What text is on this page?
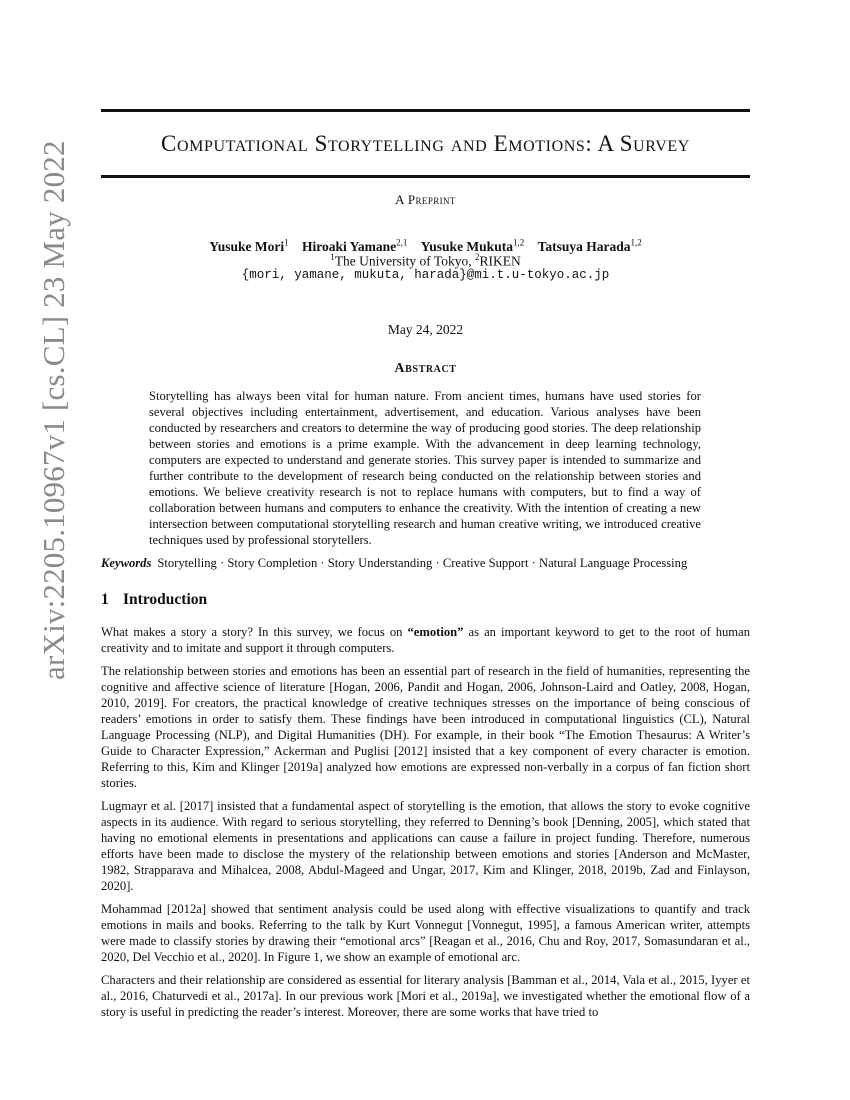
arXiv:2205.10967v1 [cs.CL] 23 May 2022	Computational Storytelling and Emotions: A Survey
A Preprint
Yusuke Mori$^1$ Hiroaki Yamane$^{2,1}$ Yusuke Mukuta$^{1,2}$ Tatsuya Harada$^{1,2}$
$^1$The University of Tokyo, $^2$RIKEN
{mori, yamane, mukuta, harada}@mi.t.u-tokyo.ac.jp
May 24, 2022
Abstract

Storytelling has always been vital for human nature. From ancient times, humans have used stories for several objectives including entertainment, advertisement, and education. Various analyses have been conducted by researchers and creators to determine the way of producing good stories. The deep relationship between stories and emotions is a prime example. With the advancement in deep learning technology, computers are expected to understand and generate stories. This survey paper is intended to summarize and further contribute to the development of research being conducted on the relationship between stories and emotions. We believe creativity research is not to replace humans with computers, but to find a way of collaboration between humans and computers to enhance the creativity. With the intention of creating a new intersection between computational storytelling research and human creative writing, we introduced creative techniques used by professional storytellers.

Keywords Storytelling · Story Completion · Story Understanding · Creative Support · Natural Language Processing
1 Introduction

What makes a story a story? In this survey, we focus on “emotion” as an important keyword to get to the root of human creativity and to imitate and support it through computers.

The relationship between stories and emotions has been an essential part of research in the field of humanities, representing the cognitive and affective science of literature [Hogan, 2006, Pandit and Hogan, 2006, Johnson-Laird and Oatley, 2008, Hogan, 2010, 2019]. For creators, the practical knowledge of creative techniques stresses on the importance of being conscious of readers’ emotions in order to satisfy them. These findings have been introduced in computational linguistics (CL), Natural Language Processing (NLP), and Digital Humanities (DH). For example, in their book “The Emotion Thesaurus: A Writer’s Guide to Character Expression,” Ackerman and Puglisi [2012] insisted that a key component of every character is emotion. Referring to this, Kim and Klinger [2019a] analyzed how emotions are expressed non-verbally in a corpus of fan fiction short stories.

Lugmayr et al. [2017] insisted that a fundamental aspect of storytelling is the emotion, that allows the story to evoke cognitive aspects in its audience. With regard to serious storytelling, they referred to Denning’s book [Denning, 2005], which stated that having no emotional elements in presentations and applications can cause a failure in project funding. Therefore, numerous efforts have been made to disclose the mystery of the relationship between emotions and stories [Anderson and McMaster, 1982, Strapparava and Mihalcea, 2008, Abdul-Mageed and Ungar, 2017, Kim and Klinger, 2018, 2019b, Zad and Finlayson, 2020].

Mohammad [2012a] showed that sentiment analysis could be used along with effective visualizations to quantify and track emotions in mails and books. Referring to the talk by Kurt Vonnegut [Vonnegut, 1995], a famous American writer, attempts were made to classify stories by drawing their “emotional arcs” [Reagan et al., 2016, Chu and Roy, 2017, Somasundaran et al., 2020, Del Vecchio et al., 2020]. In Figure 1, we show an example of emotional arc.

Characters and their relationship are considered as essential for literary analysis [Bamman et al., 2014, Vala et al., 2015, Iyyer et al., 2016, Chaturvedi et al., 2017a]. In our previous work [Mori et al., 2019a], we investigated whether the emotional flow of a story is useful in predicting the reader’s interest. Moreover, there are some works that have tried to
